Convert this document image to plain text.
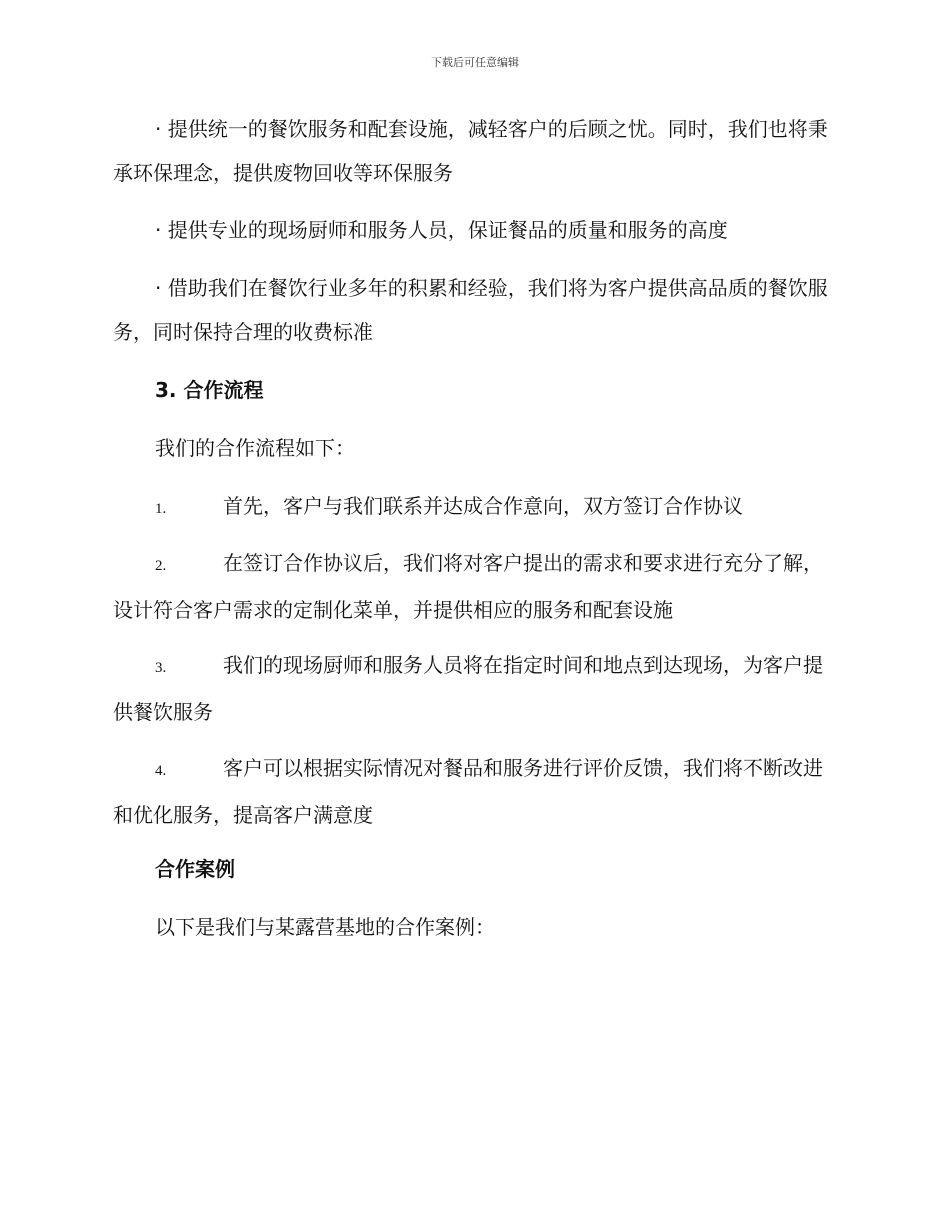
下载后可任意编辑

· 提供统一的餐饮服务和配套设施，减轻客户的后顾之忧。同时，我们也将秉承环保理念，提供废物回收等环保服务

· 提供专业的现场厨师和服务人员，保证餐品的质量和服务的高度

· 借助我们在餐饮行业多年的积累和经验，我们将为客户提供高品质的餐饮服务，同时保持合理的收费标准

3. 合作流程

我们的合作流程如下：

1.	首先，客户与我们联系并达成合作意向，双方签订合作协议

2.	在签订合作协议后，我们将对客户提出的需求和要求进行充分了解，设计符合客户需求的定制化菜单，并提供相应的服务和配套设施

3.	我们的现场厨师和服务人员将在指定时间和地点到达现场，为客户提供餐饮服务

4.	客户可以根据实际情况对餐品和服务进行评价反馈，我们将不断改进和优化服务，提高客户满意度

合作案例

以下是我们与某露营基地的合作案例：
